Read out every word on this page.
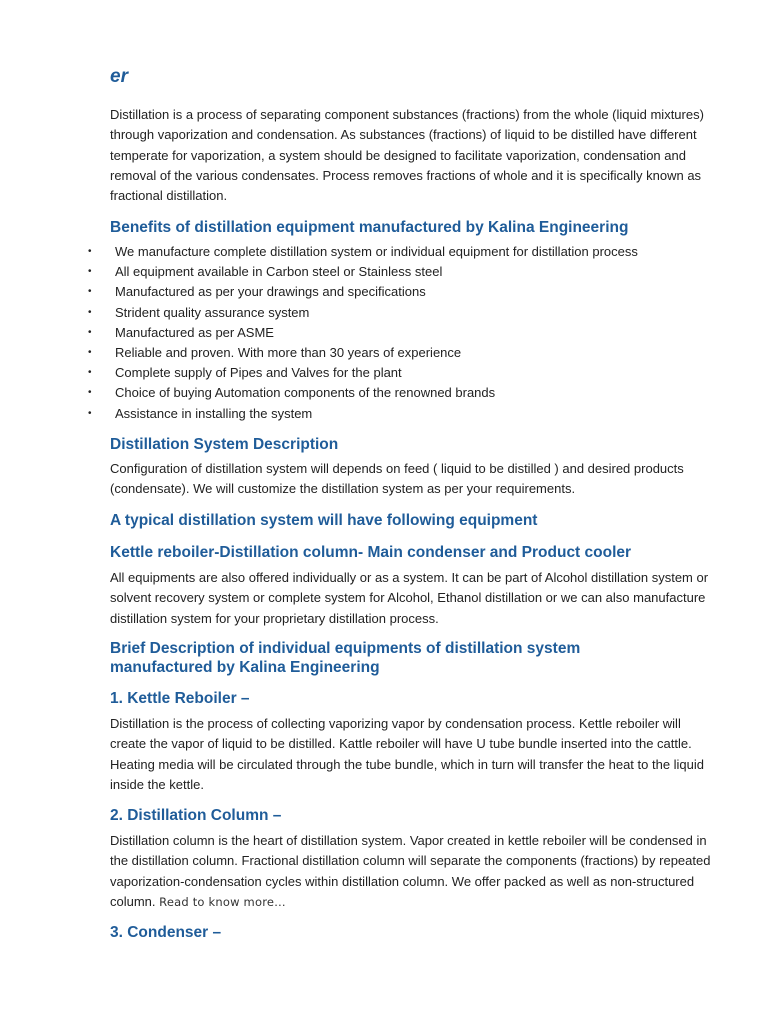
er

Distillation is a process of separating component substances (fractions) from the whole (liquid mixtures) through vaporization and condensation. As substances (fractions) of liquid to be distilled have different temperate for vaporization, a system should be designed to facilitate vaporization, condensation and removal of the various condensates. Process removes fractions of whole and it is specifically known as fractional distillation.

Benefits of distillation equipment manufactured by Kalina Engineering
• We manufacture complete distillation system or individual equipment for distillation process
• All equipment available in Carbon steel or Stainless steel
• Manufactured as per your drawings and specifications
• Strident quality assurance system
• Manufactured as per ASME
• Reliable and proven. With more than 30 years of experience
• Complete supply of Pipes and Valves for the plant
• Choice of buying Automation components of the renowned brands
• Assistance in installing the system
Distillation System Description

Configuration of distillation system will depends on feed ( liquid to be distilled ) and desired products (condensate). We will customize the distillation system as per your requirements.

A typical distillation system will have following equipment
Kettle reboiler-Distillation column- Main condenser and Product cooler

All equipments are also offered individually or as a system. It can be part of Alcohol distillation system or solvent recovery system or complete system for Alcohol, Ethanol distillation or we can also manufacture distillation system for your proprietary distillation process.

Brief Description of individual equipments of distillation system manufactured by Kalina Engineering
1. Kettle Reboiler –

Distillation is the process of collecting vaporizing vapor by condensation process. Kettle reboiler will create the vapor of liquid to be distilled. Kattle reboiler will have U tube bundle inserted into the cattle. Heating media will be circulated through the tube bundle, which in turn will transfer the heat to the liquid inside the kettle.

2. Distillation Column –

Distillation column is the heart of distillation system. Vapor created in kettle reboiler will be condensed in the distillation column. Fractional distillation column will separate the components (fractions) by repeated vaporization-condensation cycles within distillation column. We offer packed as well as non-structured column. Read to know more…

3. Condenser –
